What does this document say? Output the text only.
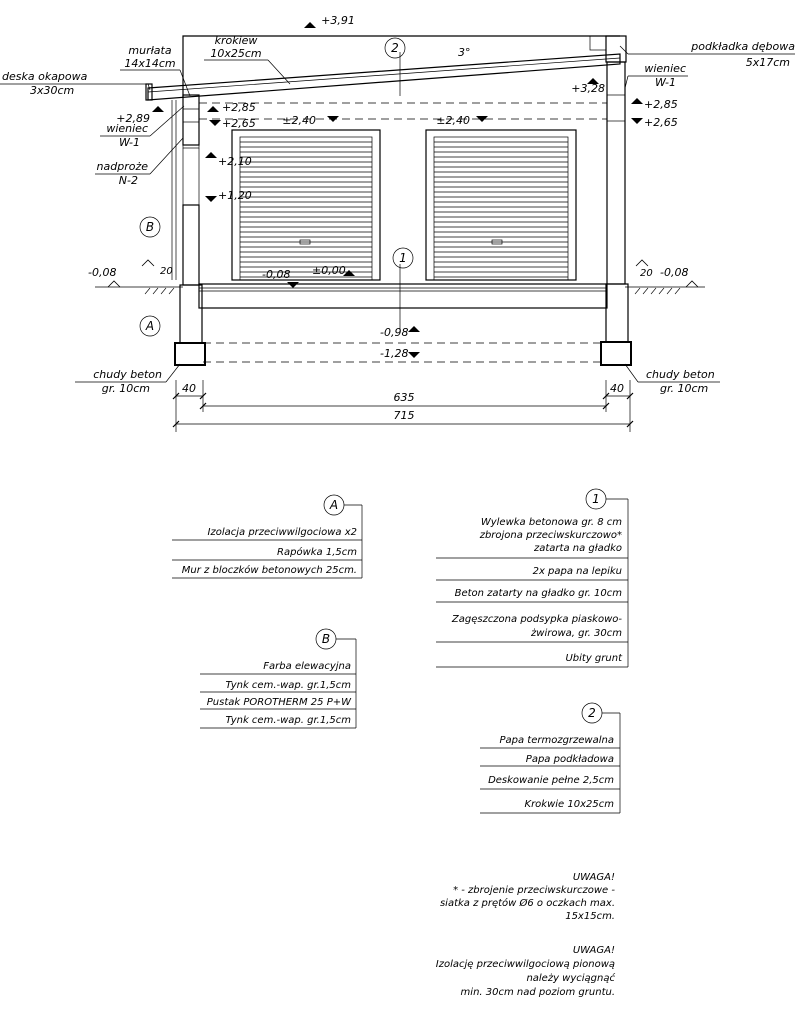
+3,91
2
1
B
A
3°
+2,89
+3,28
+2,85
+2,65
+2,85
+2,65
±2,40	±2,40
+2,10
+1,20
±0,00
-0,08	-0,08	-0,08
-0,98
-1,28
20	20
40
635
40
715
murłata
14x14cm
krokiew
10x25cm
deska okapowa
3x30cm
wieniec
W-1
nadproże
N-2
podkładka dębowa
5x17cm
wieniec
W-1
chudy beton
gr. 10cm
chudy beton
gr. 10cm
A
Izolacja przeciwwilgociowa x2
Rapówka 1,5cm
Mur z bloczków betonowych 25cm.
B
Farba elewacyjna
Tynk cem.-wap. gr.1,5cm
Pustak POROTHERM 25 P+W
Tynk cem.-wap. gr.1,5cm
1
Wylewka betonowa gr. 8 cm
zbrojona przeciwskurczowo*
zatarta na gładko
2x papa na lepiku
Beton zatarty na gładko gr. 10cm
Zagęszczona podsypka piaskowo-
żwirowa, gr. 30cm
Ubity grunt
2
Papa termozgrzewalna
Papa podkładowa
Deskowanie pełne 2,5cm
Krokwie 10x25cm
UWAGA!
* - zbrojenie przeciwskurczowe -
siatka z prętów Ø6 o oczkach max.
15x15cm.
UWAGA!
Izolację przeciwwilgociową pionową
należy wyciągnąć
min. 30cm nad poziom gruntu.
